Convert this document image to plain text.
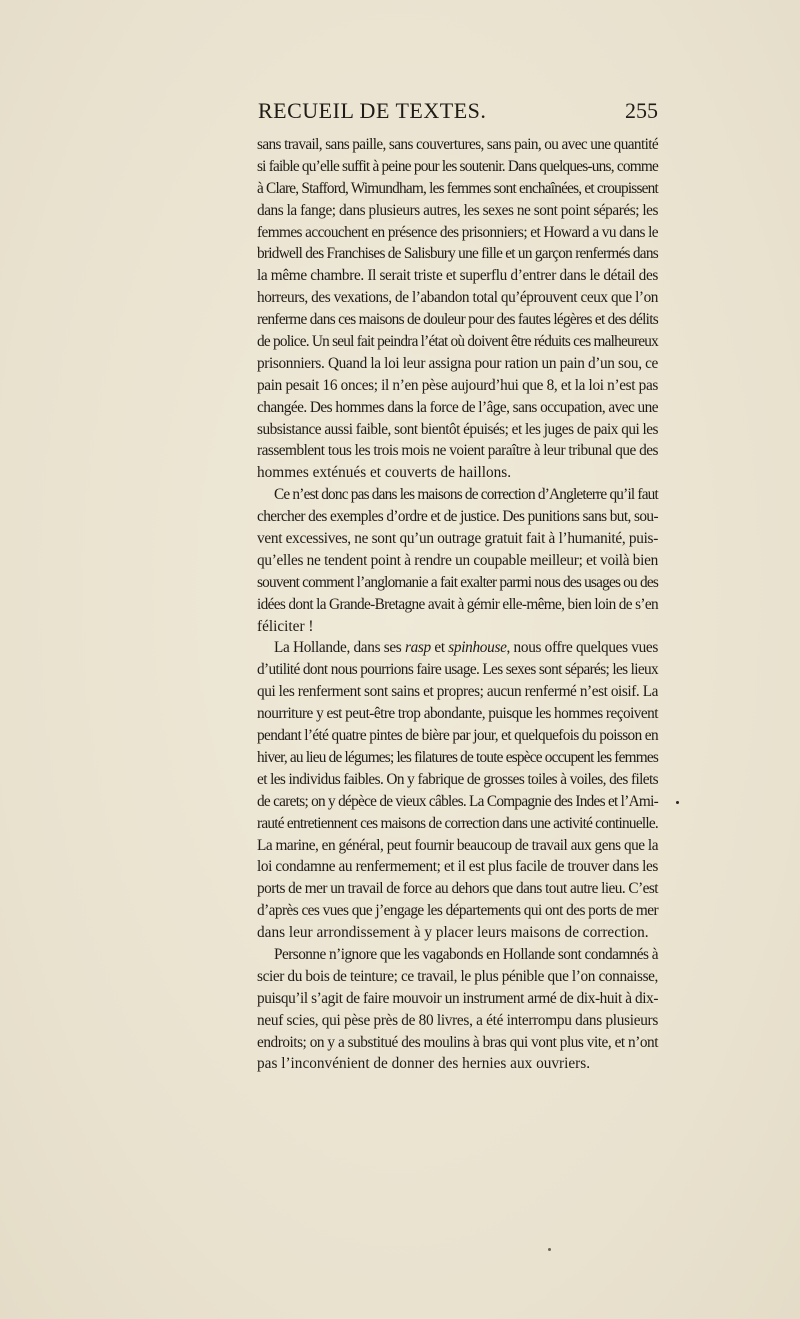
RECUEIL DE TEXTES.	255
sans travail, sans paille, sans couvertures, sans pain, ou avec une quantité
si faible qu’elle suffit à peine pour les soutenir. Dans quelques-uns, comme
à Clare, Stafford, Wimundham, les femmes sont enchaînées, et croupissent
dans la fange; dans plusieurs autres, les sexes ne sont point séparés; les
femmes accouchent en présence des prisonniers; et Howard a vu dans le
bridwell des Franchises de Salisbury une fille et un garçon renfermés dans
la même chambre. Il serait triste et superflu d’entrer dans le détail des
horreurs, des vexations, de l’abandon total qu’éprouvent ceux que l’on
renferme dans ces maisons de douleur pour des fautes légères et des délits
de police. Un seul fait peindra l’état où doivent être réduits ces malheureux
prisonniers. Quand la loi leur assigna pour ration un pain d’un sou, ce
pain pesait 16 onces; il n’en pèse aujourd’hui que 8, et la loi n’est pas
changée. Des hommes dans la force de l’âge, sans occupation, avec une
subsistance aussi faible, sont bientôt épuisés; et les juges de paix qui les
rassemblent tous les trois mois ne voient paraître à leur tribunal que des
hommes exténués et couverts de haillons.
Ce n’est donc pas dans les maisons de correction d’Angleterre qu’il faut
chercher des exemples d’ordre et de justice. Des punitions sans but, sou-
vent excessives, ne sont qu’un outrage gratuit fait à l’humanité, puis-
qu’elles ne tendent point à rendre un coupable meilleur; et voilà bien
souvent comment l’anglomanie a fait exalter parmi nous des usages ou des
idées dont la Grande-Bretagne avait à gémir elle-même, bien loin de s’en
féliciter !
La Hollande, dans ses rasp et spinhouse, nous offre quelques vues
d’utilité dont nous pourrions faire usage. Les sexes sont séparés; les lieux
qui les renferment sont sains et propres; aucun renfermé n’est oisif. La
nourriture y est peut-être trop abondante, puisque les hommes reçoivent
pendant l’été quatre pintes de bière par jour, et quelquefois du poisson en
hiver, au lieu de légumes; les filatures de toute espèce occupent les femmes
et les individus faibles. On y fabrique de grosses toiles à voiles, des filets
de carets; on y dépèce de vieux câbles. La Compagnie des Indes et l’Ami-
rauté entretiennent ces maisons de correction dans une activité continuelle.
La marine, en général, peut fournir beaucoup de travail aux gens que la
loi condamne au renfermement; et il est plus facile de trouver dans les
ports de mer un travail de force au dehors que dans tout autre lieu. C’est
d’après ces vues que j’engage les départements qui ont des ports de mer
dans leur arrondissement à y placer leurs maisons de correction.
Personne n’ignore que les vagabonds en Hollande sont condamnés à
scier du bois de teinture; ce travail, le plus pénible que l’on connaisse,
puisqu’il s’agit de faire mouvoir un instrument armé de dix-huit à dix-
neuf scies, qui pèse près de 80 livres, a été interrompu dans plusieurs
endroits; on y a substitué des moulins à bras qui vont plus vite, et n’ont
pas l’inconvénient de donner des hernies aux ouvriers.
